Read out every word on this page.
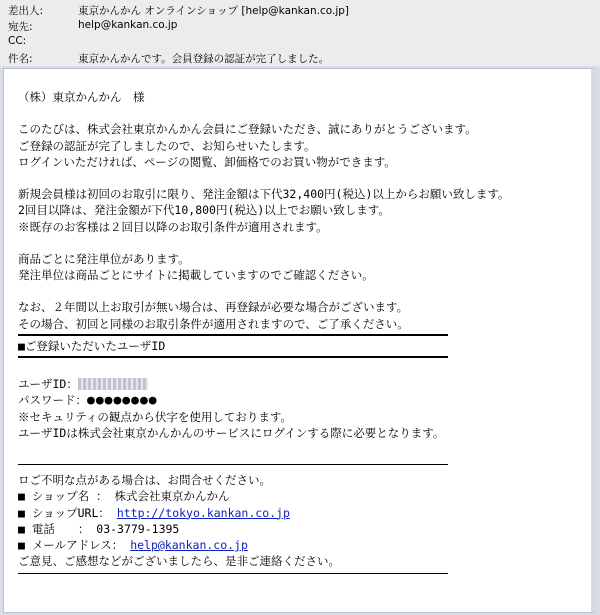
差出人:	東京かんかん オンラインショップ [help@kankan.co.jp]
宛先:	help@kankan.co.jp
CC:
件名:	東京かんかんです。会員登録の認証が完了しました。
（株）東京かんかん　様
このたびは、株式会社東京かんかん会員にご登録いただき、誠にありがとうございます。
ご登録の認証が完了しましたので、お知らせいたします。
ログインいただければ、ページの閲覧、卸価格でのお買い物ができます。
新規会員様は初回のお取引に限り、発注金額は下代32,400円(税込)以上からお願い致します。
2回目以降は、発注金額が下代10,800円(税込)以上でお願い致します。
※既存のお客様は２回目以降のお取引条件が適用されます。
商品ごとに発注単位があります。
発注単位は商品ごとにサイトに掲載していますのでご確認ください。
なお、２年間以上お取引が無い場合は、再登録が必要な場合がございます。
その場合、初回と同様のお取引条件が適用されますので、ご了承ください。
■ご登録いただいたユーザID
ユーザID：
パスワード：●●●●●●●●
※セキュリティの観点から伏字を使用しております。
ユーザIDは株式会社東京かんかんのサービスにログインする際に必要となります。
ロご不明な点がある場合は、お問合せください。
■ ショップ名 ： 株式会社東京かんかん
■ ショップURL： http://tokyo.kankan.co.jp
■ 電話　　： 03-3779-1395
■ メールアドレス： help@kankan.co.jp
ご意見、ご感想などがございましたら、是非ご連絡ください。
